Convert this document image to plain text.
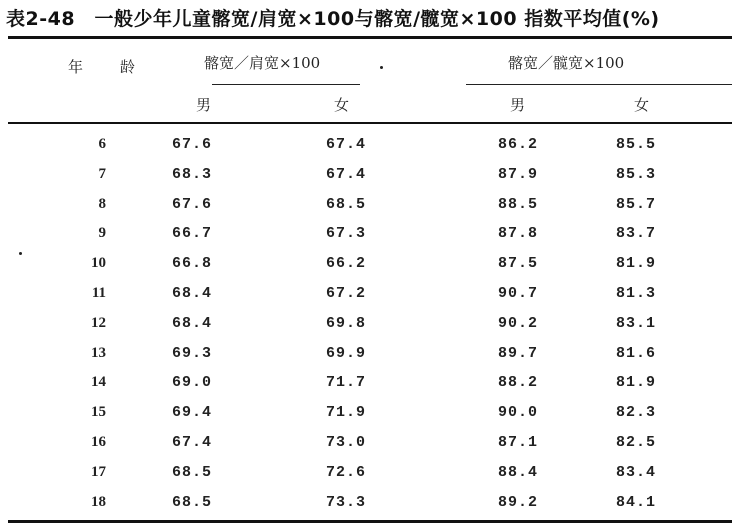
表2-48　一般少年儿童髂宽/肩宽×100与髂宽/髋宽×100 指数平均值(%)
年 龄	髂宽／肩宽×100	髂宽／髋宽×100
男	女	男	女
6	67.6	67.4	86.2	85.5
7	68.3	67.4	87.9	85.3
8	67.6	68.5	88.5	85.7
9	66.7	67.3	87.8	83.7
10	66.8	66.2	87.5	81.9
11	68.4	67.2	90.7	81.3
12	68.4	69.8	90.2	83.1
13	69.3	69.9	89.7	81.6
14	69.0	71.7	88.2	81.9
15	69.4	71.9	90.0	82.3
16	67.4	73.0	87.1	82.5
17	68.5	72.6	88.4	83.4
18	68.5	73.3	89.2	84.1
